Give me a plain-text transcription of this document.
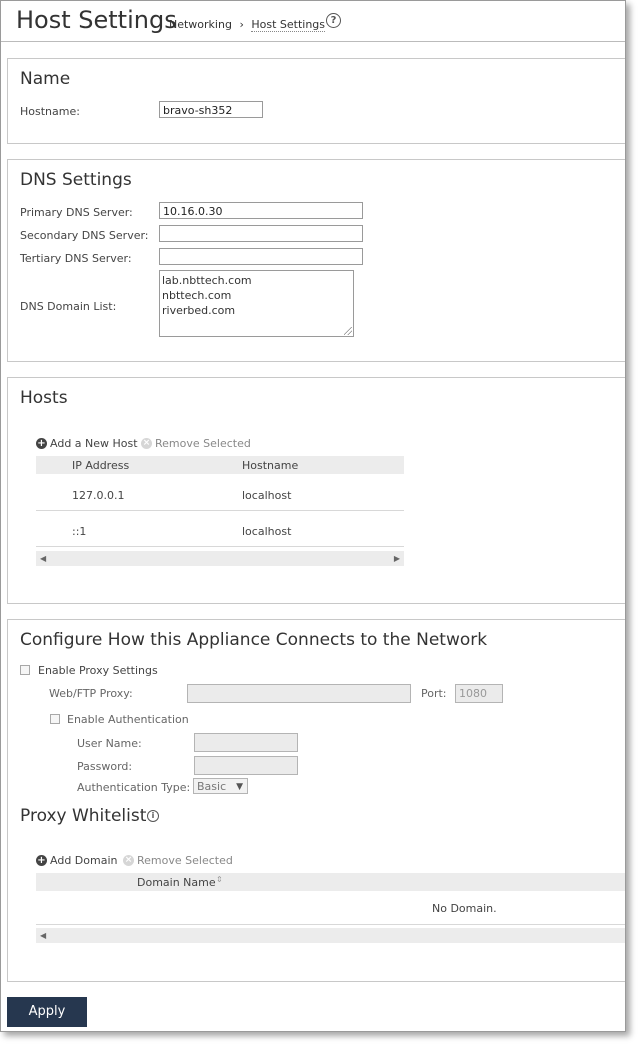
Host Settings
Networking › Host Settings ?
Name
Hostname:	bravo-sh352
DNS Settings
Primary DNS Server:	10.16.0.30
Secondary DNS Server:
Tertiary DNS Server:
DNS Domain List:
lab.nbttech.com
nbttech.com
riverbed.com
Hosts
+ Add a New Host × Remove Selected
IP Address	Hostname
127.0.0.1	localhost
::1	localhost
◀	▶
Configure How this Appliance Connects to the Network
Enable Proxy Settings
Web/FTP Proxy:	Port:	1080
Enable Authentication
User Name:
Password:
Authentication Type: Basic ▼
Proxy Whitelist i
+ Add Domain × Remove Selected
Domain Name ⇕
No Domain.
◀
Apply
